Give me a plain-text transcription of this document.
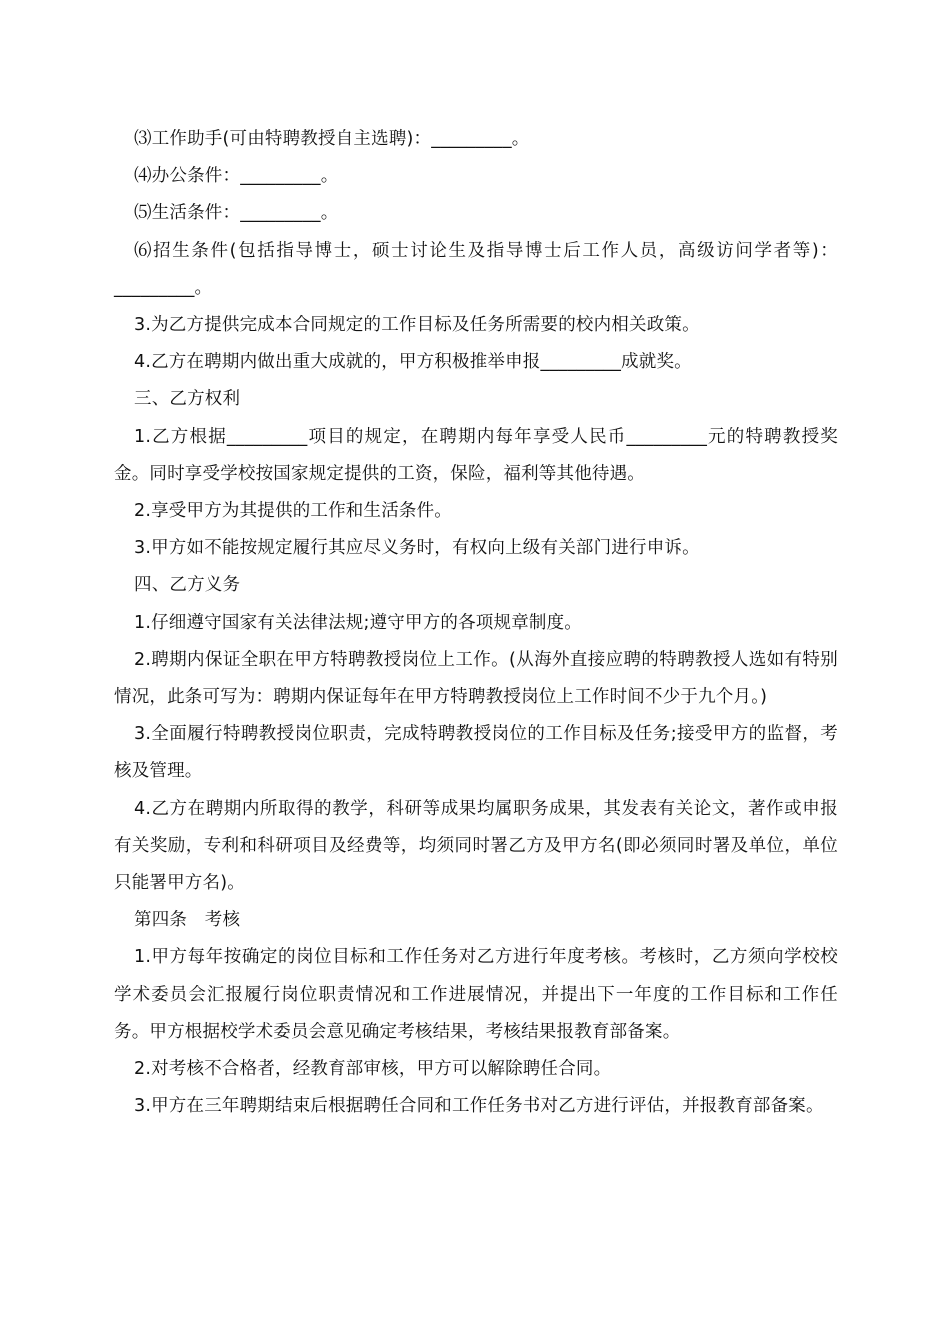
⑶工作助手(可由特聘教授自主选聘)：_________。

⑷办公条件：_________。

⑸生活条件：_________。

⑹招生条件(包括指导博士，硕士讨论生及指导博士后工作人员，高级访问学者等)：_________。

3.为乙方提供完成本合同规定的工作目标及任务所需要的校内相关政策。

4.乙方在聘期内做出重大成就的，甲方积极推举申报_________成就奖。

三、乙方权利

1.乙方根据_________项目的规定，在聘期内每年享受人民币_________元的特聘教授奖金。同时享受学校按国家规定提供的工资，保险，福利等其他待遇。

2.享受甲方为其提供的工作和生活条件。

3.甲方如不能按规定履行其应尽义务时，有权向上级有关部门进行申诉。

四、乙方义务

1.仔细遵守国家有关法律法规;遵守甲方的各项规章制度。

2.聘期内保证全职在甲方特聘教授岗位上工作。(从海外直接应聘的特聘教授人选如有特别情况，此条可写为：聘期内保证每年在甲方特聘教授岗位上工作时间不少于九个月。)

3.全面履行特聘教授岗位职责，完成特聘教授岗位的工作目标及任务;接受甲方的监督，考核及管理。

4.乙方在聘期内所取得的教学，科研等成果均属职务成果，其发表有关论文，著作或申报有关奖励，专利和科研项目及经费等，均须同时署乙方及甲方名(即必须同时署及单位，单位只能署甲方名)。

第四条　考核

1.甲方每年按确定的岗位目标和工作任务对乙方进行年度考核。考核时，乙方须向学校校学术委员会汇报履行岗位职责情况和工作进展情况，并提出下一年度的工作目标和工作任务。甲方根据校学术委员会意见确定考核结果，考核结果报教育部备案。

2.对考核不合格者，经教育部审核，甲方可以解除聘任合同。

3.甲方在三年聘期结束后根据聘任合同和工作任务书对乙方进行评估，并报教育部备案。
